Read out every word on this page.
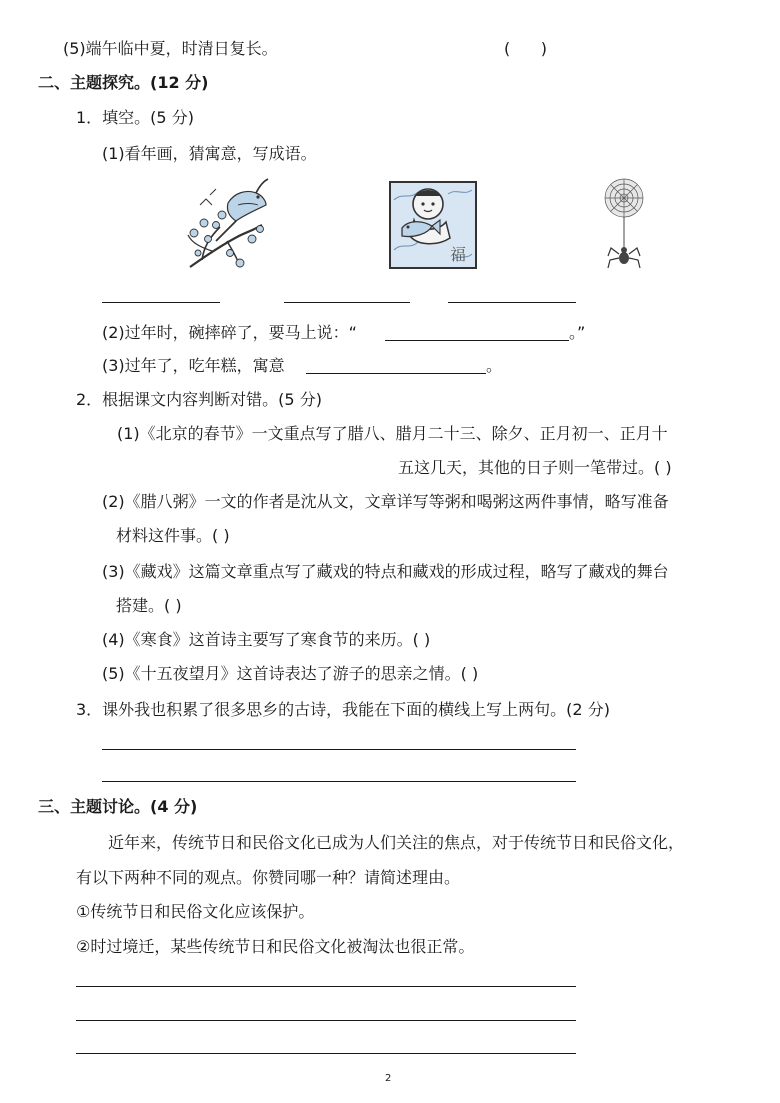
(5)端午临中夏，时清日复长。	(      )
二、主题探究。(12 分)
1．填空。(5 分)
(1)看年画，猜寓意，写成语。
福
(2)过年时，碗摔碎了，要马上说：“	。”
(3)过年了，吃年糕，寓意	。
2．根据课文内容判断对错。(5 分)
(1)《北京的春节》一文重点写了腊八、腊月二十三、除夕、正月初一、正月十
五这几天，其他的日子则一笔带过。( )
(2)《腊八粥》一文的作者是沈从文，文章详写等粥和喝粥这两件事情，略写准备
材料这件事。( )
(3)《藏戏》这篇文章重点写了藏戏的特点和藏戏的形成过程，略写了藏戏的舞台
搭建。( )
(4)《寒食》这首诗主要写了寒食节的来历。( )
(5)《十五夜望月》这首诗表达了游子的思亲之情。( )
3．课外我也积累了很多思乡的古诗，我能在下面的横线上写上两句。(2 分)
三、主题讨论。(4 分)
近年来，传统节日和民俗文化已成为人们关注的焦点，对于传统节日和民俗文化，
有以下两种不同的观点。你赞同哪一种？请简述理由。
①传统节日和民俗文化应该保护。
②时过境迁，某些传统节日和民俗文化被淘汰也很正常。
2
